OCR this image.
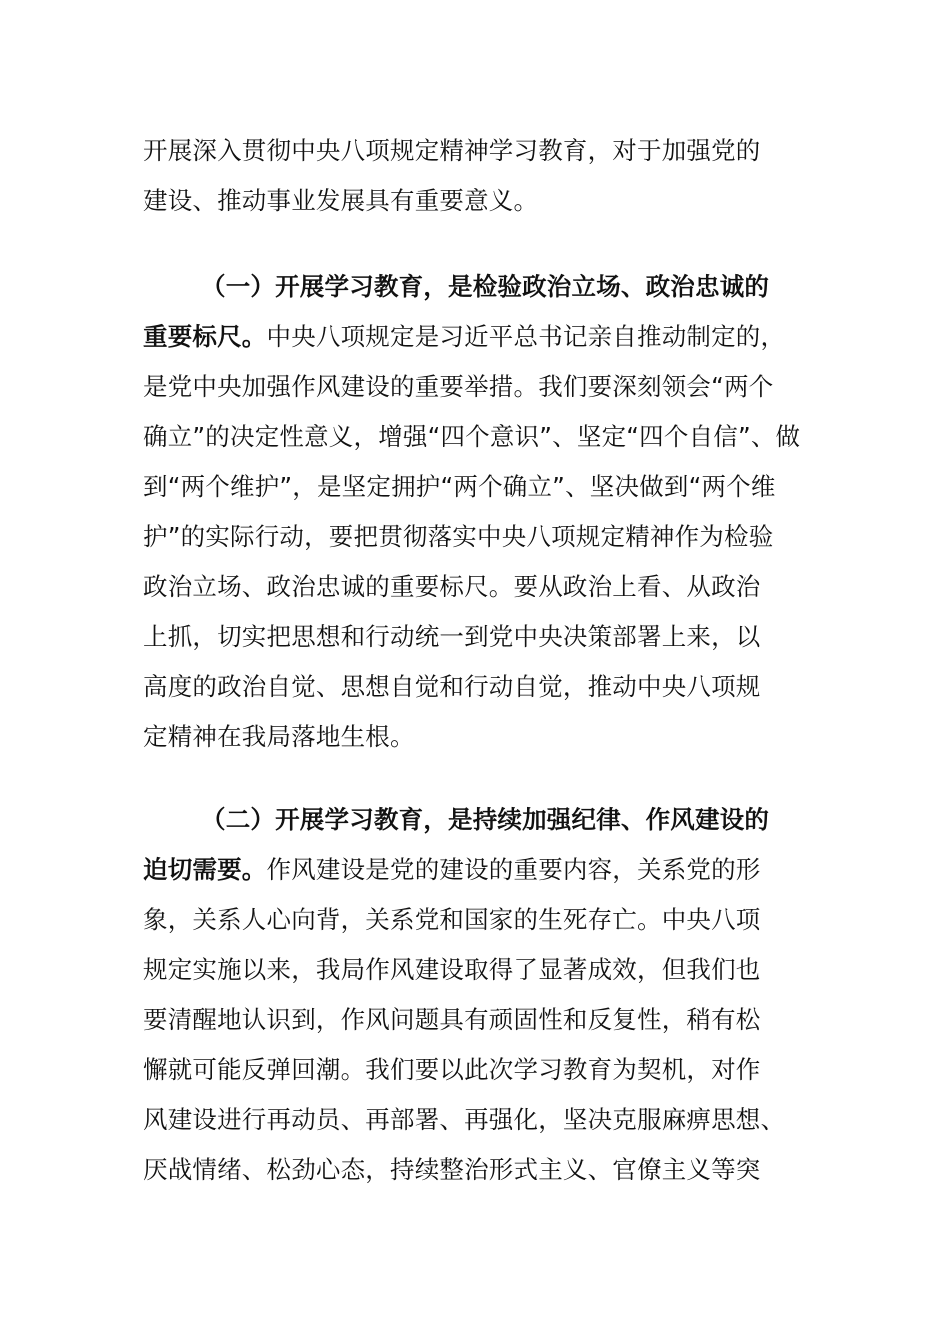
开展深入贯彻中央八项规定精神学习教育，对于加强党的
建设、推动事业发展具有重要意义。
（一）开展学习教育，是检验政治立场、政治忠诚的
重要标尺。中央八项规定是习近平总书记亲自推动制定的，
是党中央加强作风建设的重要举措。我们要深刻领会“两个
确立”的决定性意义，增强“四个意识”、坚定“四个自信”、做
到“两个维护”，是坚定拥护“两个确立”、坚决做到“两个维
护”的实际行动，要把贯彻落实中央八项规定精神作为检验
政治立场、政治忠诚的重要标尺。要从政治上看、从政治
上抓，切实把思想和行动统一到党中央决策部署上来，以
高度的政治自觉、思想自觉和行动自觉，推动中央八项规
定精神在我局落地生根。
（二）开展学习教育，是持续加强纪律、作风建设的
迫切需要。作风建设是党的建设的重要内容，关系党的形
象，关系人心向背，关系党和国家的生死存亡。中央八项
规定实施以来，我局作风建设取得了显著成效，但我们也
要清醒地认识到，作风问题具有顽固性和反复性，稍有松
懈就可能反弹回潮。我们要以此次学习教育为契机，对作
风建设进行再动员、再部署、再强化，坚决克服麻痹思想、
厌战情绪、松劲心态，持续整治形式主义、官僚主义等突
